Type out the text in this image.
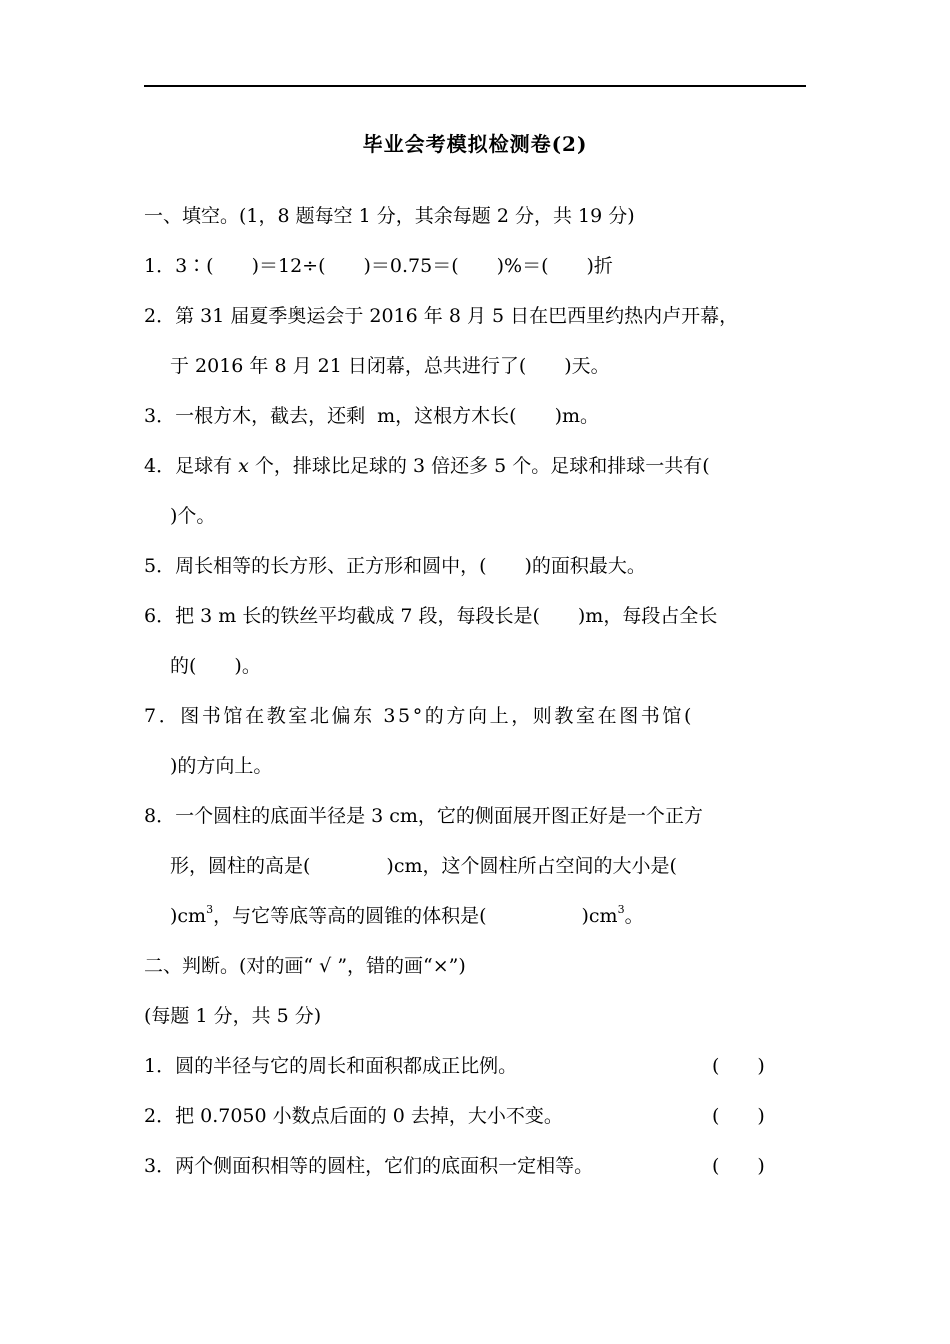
毕业会考模拟检测卷(2)
一、填空。(1，8 题每空 1 分，其余每题 2 分，共 19 分)
1．3∶(　　)＝12÷(　　)＝0.75＝(　　)%＝(　　)折
2．第 31 届夏季奥运会于 2016 年 8 月 5 日在巴西里约热内卢开幕，
于 2016 年 8 月 21 日闭幕，总共进行了(　　)天。
3．一根方木，截去，还剩  m，这根方木长(　　)m。
4．足球有 x 个，排球比足球的 3 倍还多 5 个。足球和排球一共有(
)个。
5．周长相等的长方形、正方形和圆中，(　　)的面积最大。
6．把 3 m 长的铁丝平均截成 7 段，每段长是(　　)m，每段占全长
的(　　)。
7．图书馆在教室北偏东 35°的方向上，则教室在图书馆(
)的方向上。
8．一个圆柱的底面半径是 3 cm，它的侧面展开图正好是一个正方
形，圆柱的高是(　　　　)cm，这个圆柱所占空间的大小是(
)$cm^3$，与它等底等高的圆锥的体积是(　　　　　)$cm^3$。
二、判断。(对的画“ √ ”，错的画“×”)
(每题 1 分，共 5 分)
1．圆的半径与它的周长和面积都成正比例。	(　　)
2．把 0.7050 小数点后面的 0 去掉，大小不变。	(　　)
3．两个侧面积相等的圆柱，它们的底面积一定相等。	(　　)
